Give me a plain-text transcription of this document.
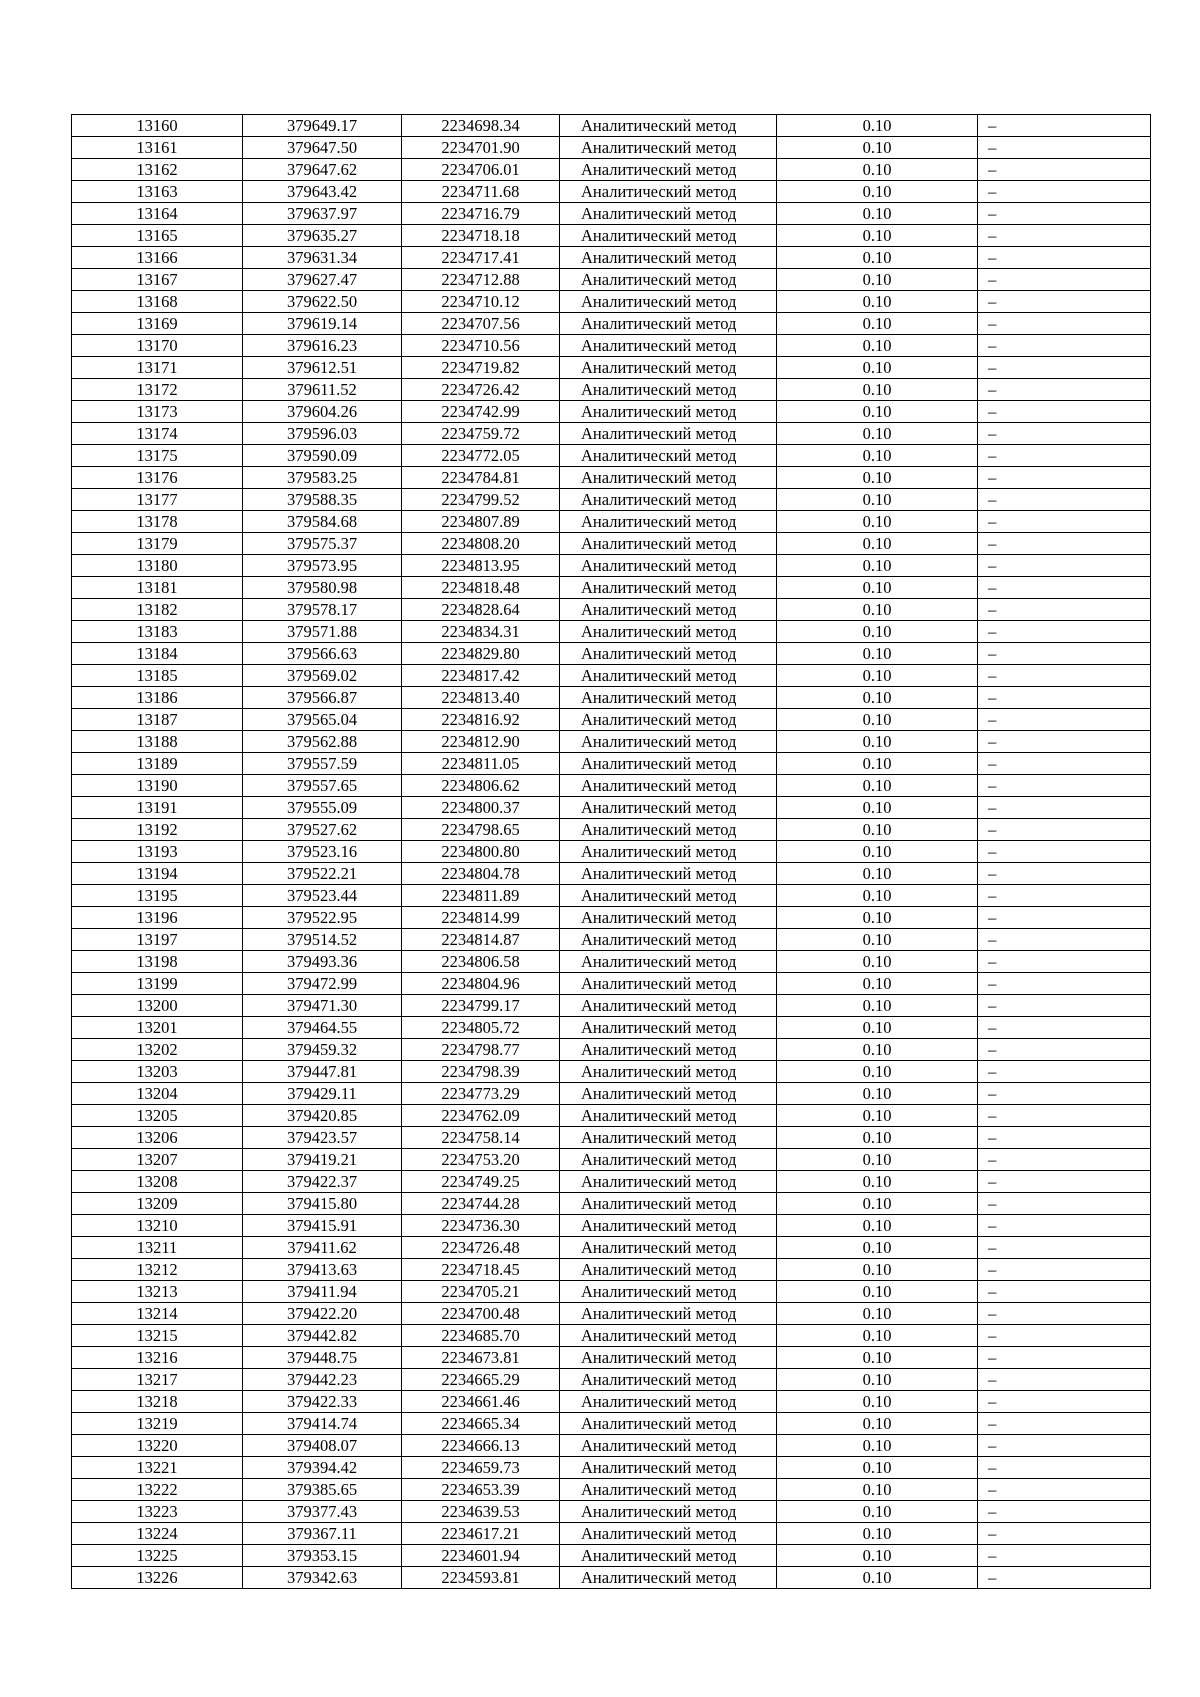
13160	379649.17	2234698.34	Аналитический метод	0.10	–
13161	379647.50	2234701.90	Аналитический метод	0.10	–
13162	379647.62	2234706.01	Аналитический метод	0.10	–
13163	379643.42	2234711.68	Аналитический метод	0.10	–
13164	379637.97	2234716.79	Аналитический метод	0.10	–
13165	379635.27	2234718.18	Аналитический метод	0.10	–
13166	379631.34	2234717.41	Аналитический метод	0.10	–
13167	379627.47	2234712.88	Аналитический метод	0.10	–
13168	379622.50	2234710.12	Аналитический метод	0.10	–
13169	379619.14	2234707.56	Аналитический метод	0.10	–
13170	379616.23	2234710.56	Аналитический метод	0.10	–
13171	379612.51	2234719.82	Аналитический метод	0.10	–
13172	379611.52	2234726.42	Аналитический метод	0.10	–
13173	379604.26	2234742.99	Аналитический метод	0.10	–
13174	379596.03	2234759.72	Аналитический метод	0.10	–
13175	379590.09	2234772.05	Аналитический метод	0.10	–
13176	379583.25	2234784.81	Аналитический метод	0.10	–
13177	379588.35	2234799.52	Аналитический метод	0.10	–
13178	379584.68	2234807.89	Аналитический метод	0.10	–
13179	379575.37	2234808.20	Аналитический метод	0.10	–
13180	379573.95	2234813.95	Аналитический метод	0.10	–
13181	379580.98	2234818.48	Аналитический метод	0.10	–
13182	379578.17	2234828.64	Аналитический метод	0.10	–
13183	379571.88	2234834.31	Аналитический метод	0.10	–
13184	379566.63	2234829.80	Аналитический метод	0.10	–
13185	379569.02	2234817.42	Аналитический метод	0.10	–
13186	379566.87	2234813.40	Аналитический метод	0.10	–
13187	379565.04	2234816.92	Аналитический метод	0.10	–
13188	379562.88	2234812.90	Аналитический метод	0.10	–
13189	379557.59	2234811.05	Аналитический метод	0.10	–
13190	379557.65	2234806.62	Аналитический метод	0.10	–
13191	379555.09	2234800.37	Аналитический метод	0.10	–
13192	379527.62	2234798.65	Аналитический метод	0.10	–
13193	379523.16	2234800.80	Аналитический метод	0.10	–
13194	379522.21	2234804.78	Аналитический метод	0.10	–
13195	379523.44	2234811.89	Аналитический метод	0.10	–
13196	379522.95	2234814.99	Аналитический метод	0.10	–
13197	379514.52	2234814.87	Аналитический метод	0.10	–
13198	379493.36	2234806.58	Аналитический метод	0.10	–
13199	379472.99	2234804.96	Аналитический метод	0.10	–
13200	379471.30	2234799.17	Аналитический метод	0.10	–
13201	379464.55	2234805.72	Аналитический метод	0.10	–
13202	379459.32	2234798.77	Аналитический метод	0.10	–
13203	379447.81	2234798.39	Аналитический метод	0.10	–
13204	379429.11	2234773.29	Аналитический метод	0.10	–
13205	379420.85	2234762.09	Аналитический метод	0.10	–
13206	379423.57	2234758.14	Аналитический метод	0.10	–
13207	379419.21	2234753.20	Аналитический метод	0.10	–
13208	379422.37	2234749.25	Аналитический метод	0.10	–
13209	379415.80	2234744.28	Аналитический метод	0.10	–
13210	379415.91	2234736.30	Аналитический метод	0.10	–
13211	379411.62	2234726.48	Аналитический метод	0.10	–
13212	379413.63	2234718.45	Аналитический метод	0.10	–
13213	379411.94	2234705.21	Аналитический метод	0.10	–
13214	379422.20	2234700.48	Аналитический метод	0.10	–
13215	379442.82	2234685.70	Аналитический метод	0.10	–
13216	379448.75	2234673.81	Аналитический метод	0.10	–
13217	379442.23	2234665.29	Аналитический метод	0.10	–
13218	379422.33	2234661.46	Аналитический метод	0.10	–
13219	379414.74	2234665.34	Аналитический метод	0.10	–
13220	379408.07	2234666.13	Аналитический метод	0.10	–
13221	379394.42	2234659.73	Аналитический метод	0.10	–
13222	379385.65	2234653.39	Аналитический метод	0.10	–
13223	379377.43	2234639.53	Аналитический метод	0.10	–
13224	379367.11	2234617.21	Аналитический метод	0.10	–
13225	379353.15	2234601.94	Аналитический метод	0.10	–
13226	379342.63	2234593.81	Аналитический метод	0.10	–
